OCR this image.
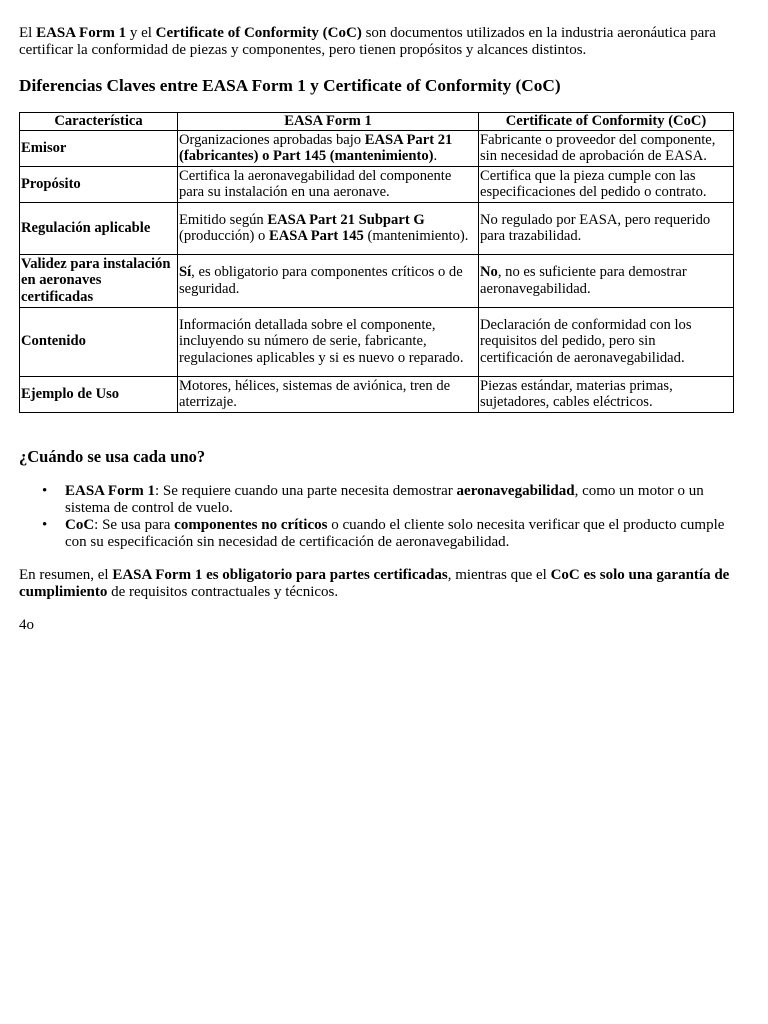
El EASA Form 1 y el Certificate of Conformity (CoC) son documentos utilizados en la industria aeronáutica para certificar la conformidad de piezas y componentes, pero tienen propósitos y alcances distintos.

Diferencias Claves entre EASA Form 1 y Certificate of Conformity (CoC)
Característica	EASA Form 1	Certificate of Conformity (CoC)
Emisor	Organizaciones aprobadas bajo EASA Part 21 (fabricantes) o Part 145 (mantenimiento).	Fabricante o proveedor del componente, sin necesidad de aprobación de EASA.
Propósito	Certifica la aeronavegabilidad del componente para su instalación en una aeronave.	Certifica que la pieza cumple con las especificaciones del pedido o contrato.
Regulación aplicable	Emitido según EASA Part 21 Subpart G (producción) o EASA Part 145 (mantenimiento).	No regulado por EASA, pero requerido para trazabilidad.
Validez para instalación en aeronaves certificadas	Sí, es obligatorio para componentes críticos o de seguridad.	No, no es suficiente para demostrar aeronavegabilidad.
Contenido	Información detallada sobre el componente, incluyendo su número de serie, fabricante, regulaciones aplicables y si es nuevo o reparado.	Declaración de conformidad con los requisitos del pedido, pero sin certificación de aeronavegabilidad.
Ejemplo de Uso	Motores, hélices, sistemas de aviónica, tren de aterrizaje.	Piezas estándar, materias primas, sujetadores, cables eléctricos.
¿Cuándo se usa cada uno?
• EASA Form 1: Se requiere cuando una parte necesita demostrar aeronavegabilidad, como un motor o un sistema de control de vuelo.
• CoC: Se usa para componentes no críticos o cuando el cliente solo necesita verificar que el producto cumple con su especificación sin necesidad de certificación de aeronavegabilidad.

En resumen, el EASA Form 1 es obligatorio para partes certificadas, mientras que el CoC es solo una garantía de cumplimiento de requisitos contractuales y técnicos.

4o
